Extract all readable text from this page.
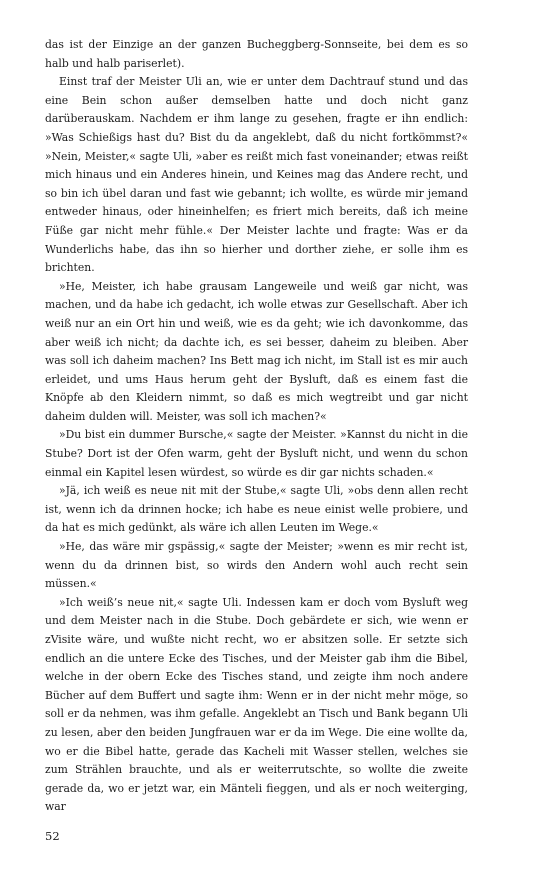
das ist der Einzige an der ganzen Bucheggberg-Sonnseite, bei dem es so halb und halb pariserlet).

Einst traf der Meister Uli an, wie er unter dem Dachtrauf stund und das eine Bein schon außer demselben hatte und doch nicht ganz darüberauskam. Nachdem er ihm lange zu gesehen, fragte er ihn endlich: »Was Schießigs hast du? Bist du da angeklebt, daß du nicht fortkömmst?« »Nein, Meister,« sagte Uli, »aber es reißt mich fast voneinander; etwas reißt mich hinaus und ein Anderes hinein, und Keines mag das Andere recht, und so bin ich übel daran und fast wie gebannt; ich wollte, es würde mir jemand entweder hinaus, oder hineinhelfen; es friert mich bereits, daß ich meine Füße gar nicht mehr fühle.« Der Meister lachte und fragte: Was er da Wunderlichs habe, das ihn so hierher und dorther ziehe, er solle ihm es brichten.

»He, Meister, ich habe grausam Langeweile und weiß gar nicht, was machen, und da habe ich gedacht, ich wolle etwas zur Gesellschaft. Aber ich weiß nur an ein Ort hin und weiß, wie es da geht; wie ich davonkomme, das aber weiß ich nicht; da dachte ich, es sei besser, daheim zu bleiben. Aber was soll ich daheim machen? Ins Bett mag ich nicht, im Stall ist es mir auch erleidet, und ums Haus herum geht der Bysluft, daß es einem fast die Knöpfe ab den Kleidern nimmt, so daß es mich wegtreibt und gar nicht daheim dulden will. Meister, was soll ich machen?«

»Du bist ein dummer Bursche,« sagte der Meister. »Kannst du nicht in die Stube? Dort ist der Ofen warm, geht der Bysluft nicht, und wenn du schon einmal ein Kapitel lesen würdest, so würde es dir gar nichts schaden.«

»Jä, ich weiß es neue nit mit der Stube,« sagte Uli, »obs denn allen recht ist, wenn ich da drinnen hocke; ich habe es neue einist welle probiere, und da hat es mich gedünkt, als wäre ich allen Leuten im Wege.«

»He, das wäre mir gspässig,« sagte der Meister; »wenn es mir recht ist, wenn du da drinnen bist, so wirds den Andern wohl auch recht sein müssen.«

»Ich weiß’s neue nit,« sagte Uli. Indessen kam er doch vom Bysluft weg und dem Meister nach in die Stube. Doch gebärdete er sich, wie wenn er zVisite wäre, und wußte nicht recht, wo er absitzen solle. Er setzte sich endlich an die untere Ecke des Tisches, und der Meister gab ihm die Bibel, welche in der obern Ecke des Tisches stand, und zeigte ihm noch andere Bücher auf dem Buffert und sagte ihm: Wenn er in der nicht mehr möge, so soll er da nehmen, was ihm gefalle. Angeklebt an Tisch und Bank begann Uli zu lesen, aber den beiden Jungfrauen war er da im Wege. Die eine wollte da, wo er die Bibel hatte, gerade das Kacheli mit Wasser stellen, welches sie zum Strählen brauchte, und als er weiterrutschte, so wollte die zweite gerade da, wo er jetzt war, ein Mänteli fieggen, und als er noch weiterging, war

52
